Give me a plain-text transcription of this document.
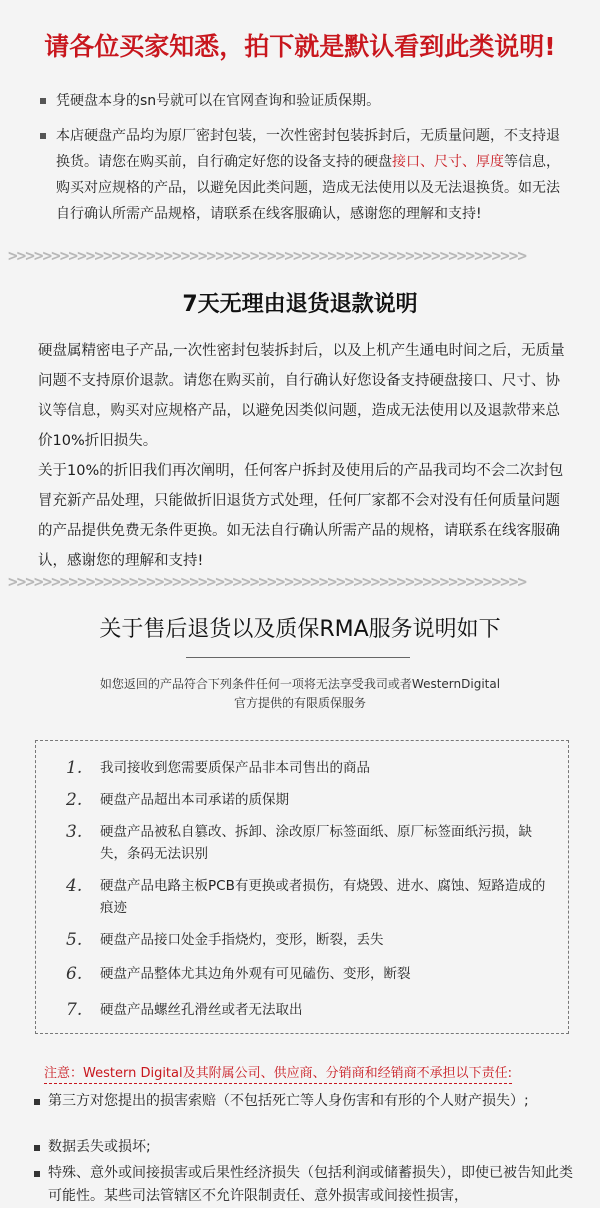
请各位买家知悉，拍下就是默认看到此类说明!
凭硬盘本身的sn号就可以在官网查询和验证质保期。
本店硬盘产品均为原厂密封包装，一次性密封包装拆封后，无质量问题，不支持退换货。请您在购买前，自行确定好您的设备支持的硬盘接口、尺寸、厚度等信息，购买对应规格的产品，以避免因此类问题，造成无法使用以及无法退换货。如无法自行确认所需产品规格，请联系在线客服确认，感谢您的理解和支持!
>>>>>>>>>>>>>>>>>>>>>>>>>>>>>>>>>>>>>>>>>>>>>>>>>>>>>>>>>>>>
7天无理由退货退款说明

硬盘属精密电子产品,一次性密封包装拆封后，以及上机产生通电时间之后，无质量问题不支持原价退款。请您在购买前，自行确认好您设备支持硬盘接口、尺寸、协议等信息，购买对应规格产品，以避免因类似问题，造成无法使用以及退款带来总价10%折旧损失。

关于10%的折旧我们再次阐明，任何客户拆封及使用后的产品我司均不会二次封包冒充新产品处理，只能做折旧退货方式处理，任何厂家都不会对没有任何质量问题的产品提供免费无条件更换。如无法自行确认所需产品的规格，请联系在线客服确认，感谢您的理解和支持!

>>>>>>>>>>>>>>>>>>>>>>>>>>>>>>>>>>>>>>>>>>>>>>>>>>>>>>>>>>>>
关于售后退货以及质保RMA服务说明如下
如您返回的产品符合下列条件任何一项将无法享受我司或者WesternDigital
官方提供的有限质保服务
1.	我司接收到您需要质保产品非本司售出的商品
2.	硬盘产品超出本司承诺的质保期
3.	硬盘产品被私自篡改、拆卸、涂改原厂标签面纸、原厂标签面纸污损，缺失，条码无法识别
4.	硬盘产品电路主板PCB有更换或者损伤，有烧毁、进水、腐蚀、短路造成的痕迹
5.	硬盘产品接口处金手指烧灼，变形，断裂，丢失
6.	硬盘产品整体尤其边角外观有可见磕伤、变形，断裂
7.	硬盘产品螺丝孔滑丝或者无法取出
注意：Western Digital及其附属公司、供应商、分销商和经销商不承担以下责任:
第三方对您提出的损害索赔（不包括死亡等人身伤害和有形的个人财产损失）;
数据丢失或损坏;
特殊、意外或间接损害或后果性经济损失（包括利润或储蓄损失），即使已被告知此类可能性。某些司法管辖区不允许限制责任、意外损害或间接性损害，
